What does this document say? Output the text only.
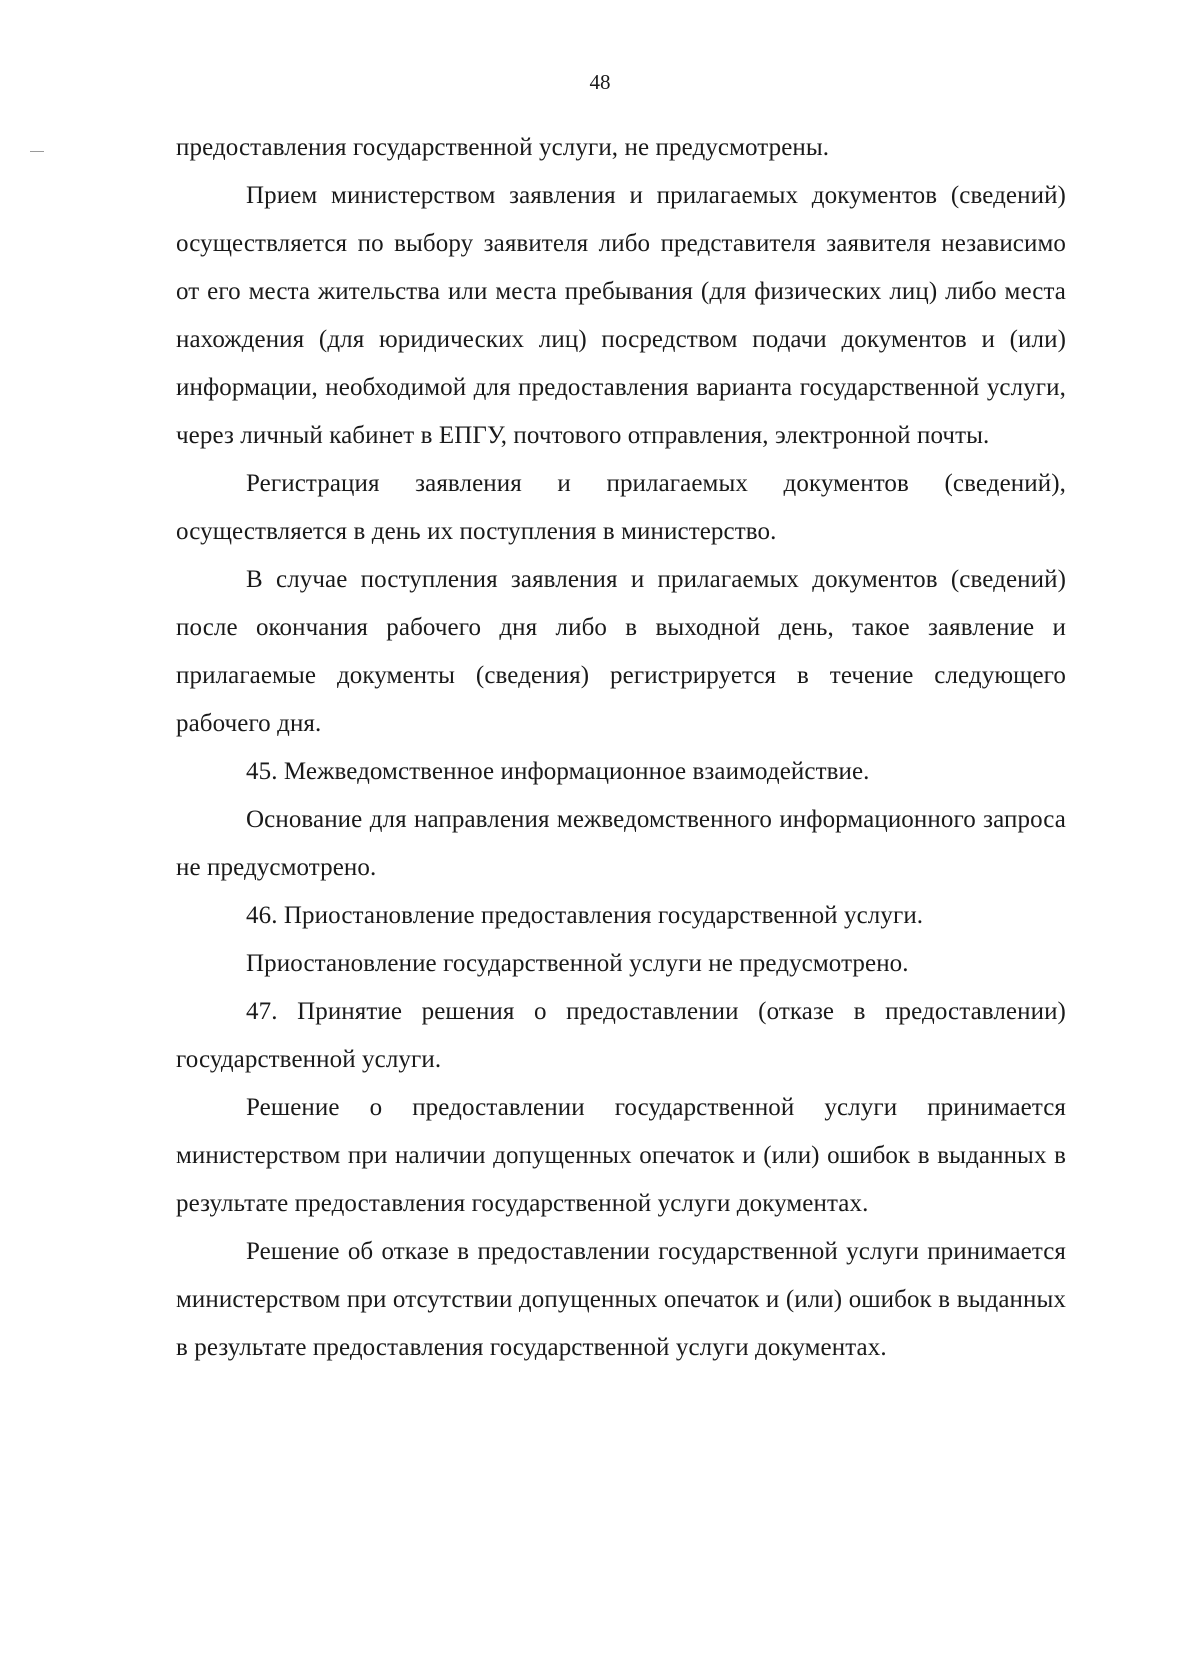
48

предоставления государственной услуги, не предусмотрены.

Прием министерством заявления и прилагаемых документов (сведений) осуществляется по выбору заявителя либо представителя заявителя независимо от его места жительства или места пребывания (для физических лиц) либо места нахождения (для юридических лиц) посредством подачи документов и (или) информации, необходимой для предоставления варианта государственной услуги, через личный кабинет в ЕПГУ, почтового отправления, электронной почты.

Регистрация заявления и прилагаемых документов (сведений), осуществляется в день их поступления в министерство.

В случае поступления заявления и прилагаемых документов (сведений) после окончания рабочего дня либо в выходной день, такое заявление и прилагаемые документы (сведения) регистрируется в течение следующего рабочего дня.

45. Межведомственное информационное взаимодействие.

Основание для направления межведомственного информационного запроса не предусмотрено.

46. Приостановление предоставления государственной услуги.

Приостановление государственной услуги не предусмотрено.

47. Принятие решения о предоставлении (отказе в предоставлении) государственной услуги.

Решение о предоставлении государственной услуги принимается министерством при наличии допущенных опечаток и (или) ошибок в выданных в результате предоставления государственной услуги документах.

Решение об отказе в предоставлении государственной услуги принимается министерством при отсутствии допущенных опечаток и (или) ошибок в выданных в результате предоставления государственной услуги документах.
